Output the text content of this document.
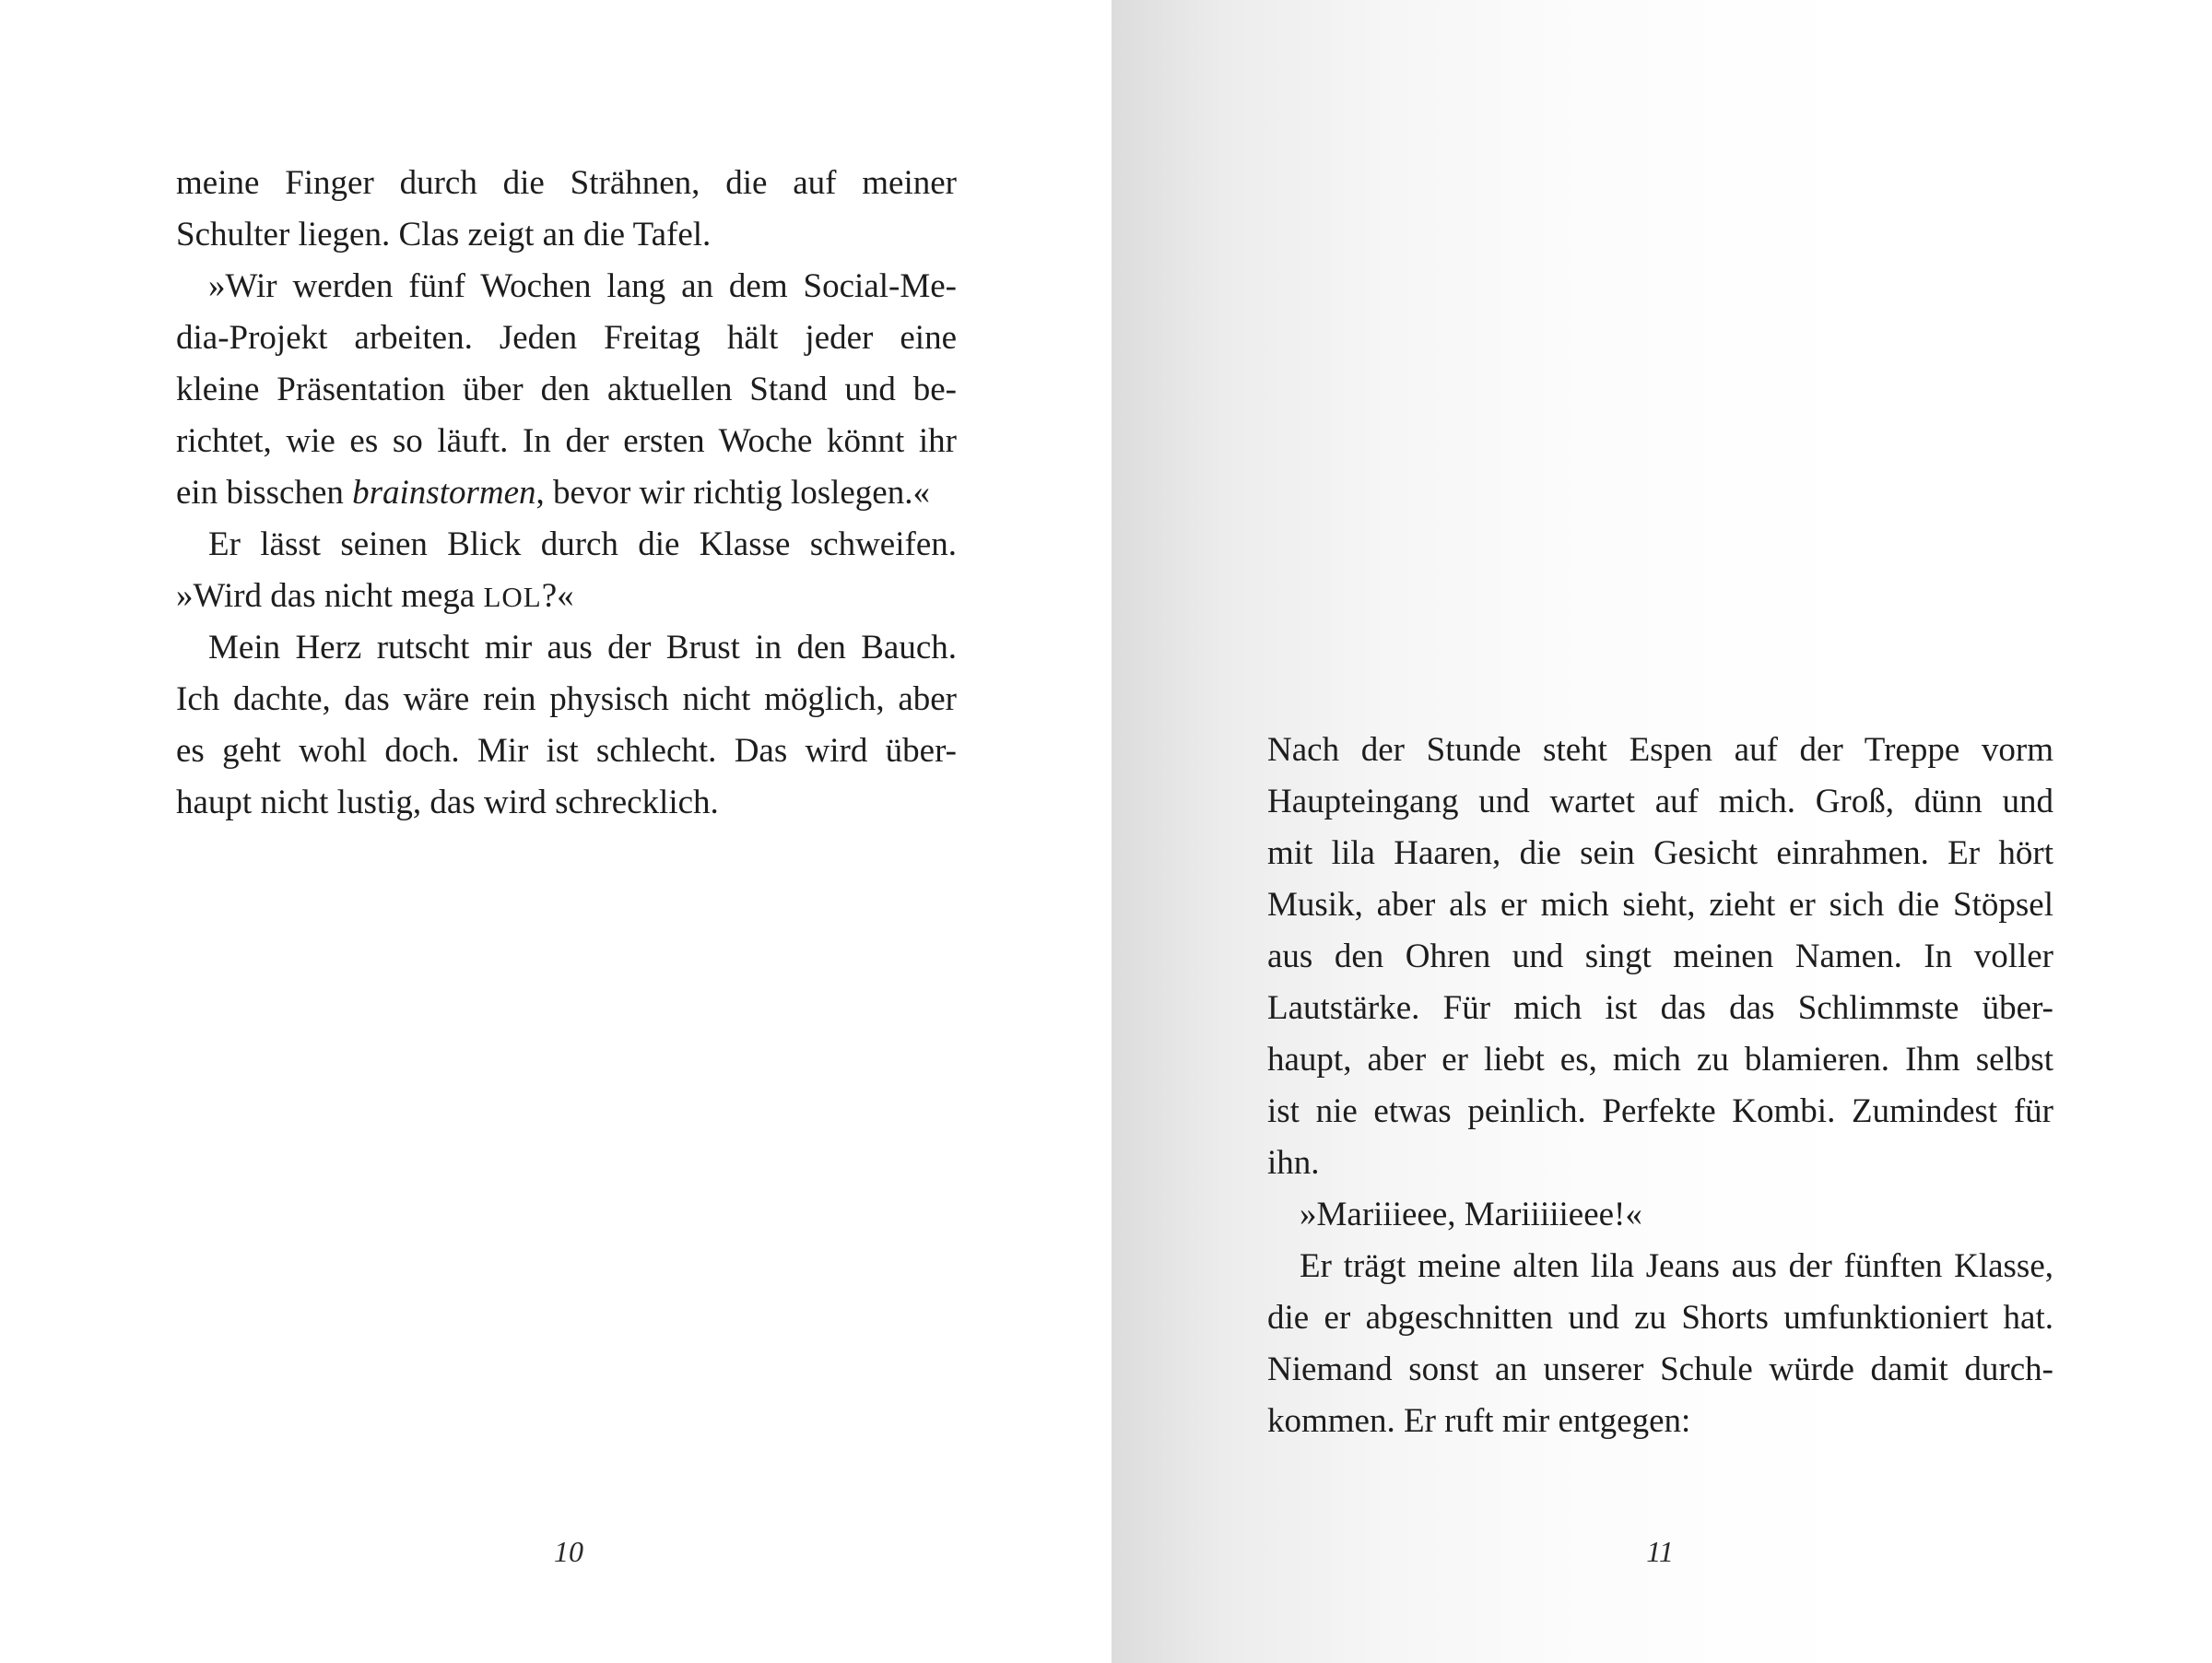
meine Finger durch die Strähnen, die auf meiner
Schulter liegen. Clas zeigt an die Tafel.
»Wir werden fünf Wochen lang an dem Social-Me-
dia-Projekt arbeiten. Jeden Freitag hält jeder eine
kleine Präsentation über den aktuellen Stand und be-
richtet, wie es so läuft. In der ersten Woche könnt ihr
ein bisschen brainstormen, bevor wir richtig loslegen.«
Er lässt seinen Blick durch die Klasse schweifen.
»Wird das nicht mega LOL?«
Mein Herz rutscht mir aus der Brust in den Bauch.
Ich dachte, das wäre rein physisch nicht möglich, aber
es geht wohl doch. Mir ist schlecht. Das wird über-
haupt nicht lustig, das wird schrecklich.
10
Nach der Stunde steht Espen auf der Treppe vorm
Haupteingang und wartet auf mich. Groß, dünn und
mit lila Haaren, die sein Gesicht einrahmen. Er hört
Musik, aber als er mich sieht, zieht er sich die Stöpsel
aus den Ohren und singt meinen Namen. In voller
Lautstärke. Für mich ist das das Schlimmste über-
haupt, aber er liebt es, mich zu blamieren. Ihm selbst
ist nie etwas peinlich. Perfekte Kombi. Zumindest für
ihn.
»Mariiieee, Mariiiiieee!«
Er trägt meine alten lila Jeans aus der fünften Klasse,
die er abgeschnitten und zu Shorts umfunktioniert hat.
Niemand sonst an unserer Schule würde damit durch-
kommen. Er ruft mir entgegen:
11
